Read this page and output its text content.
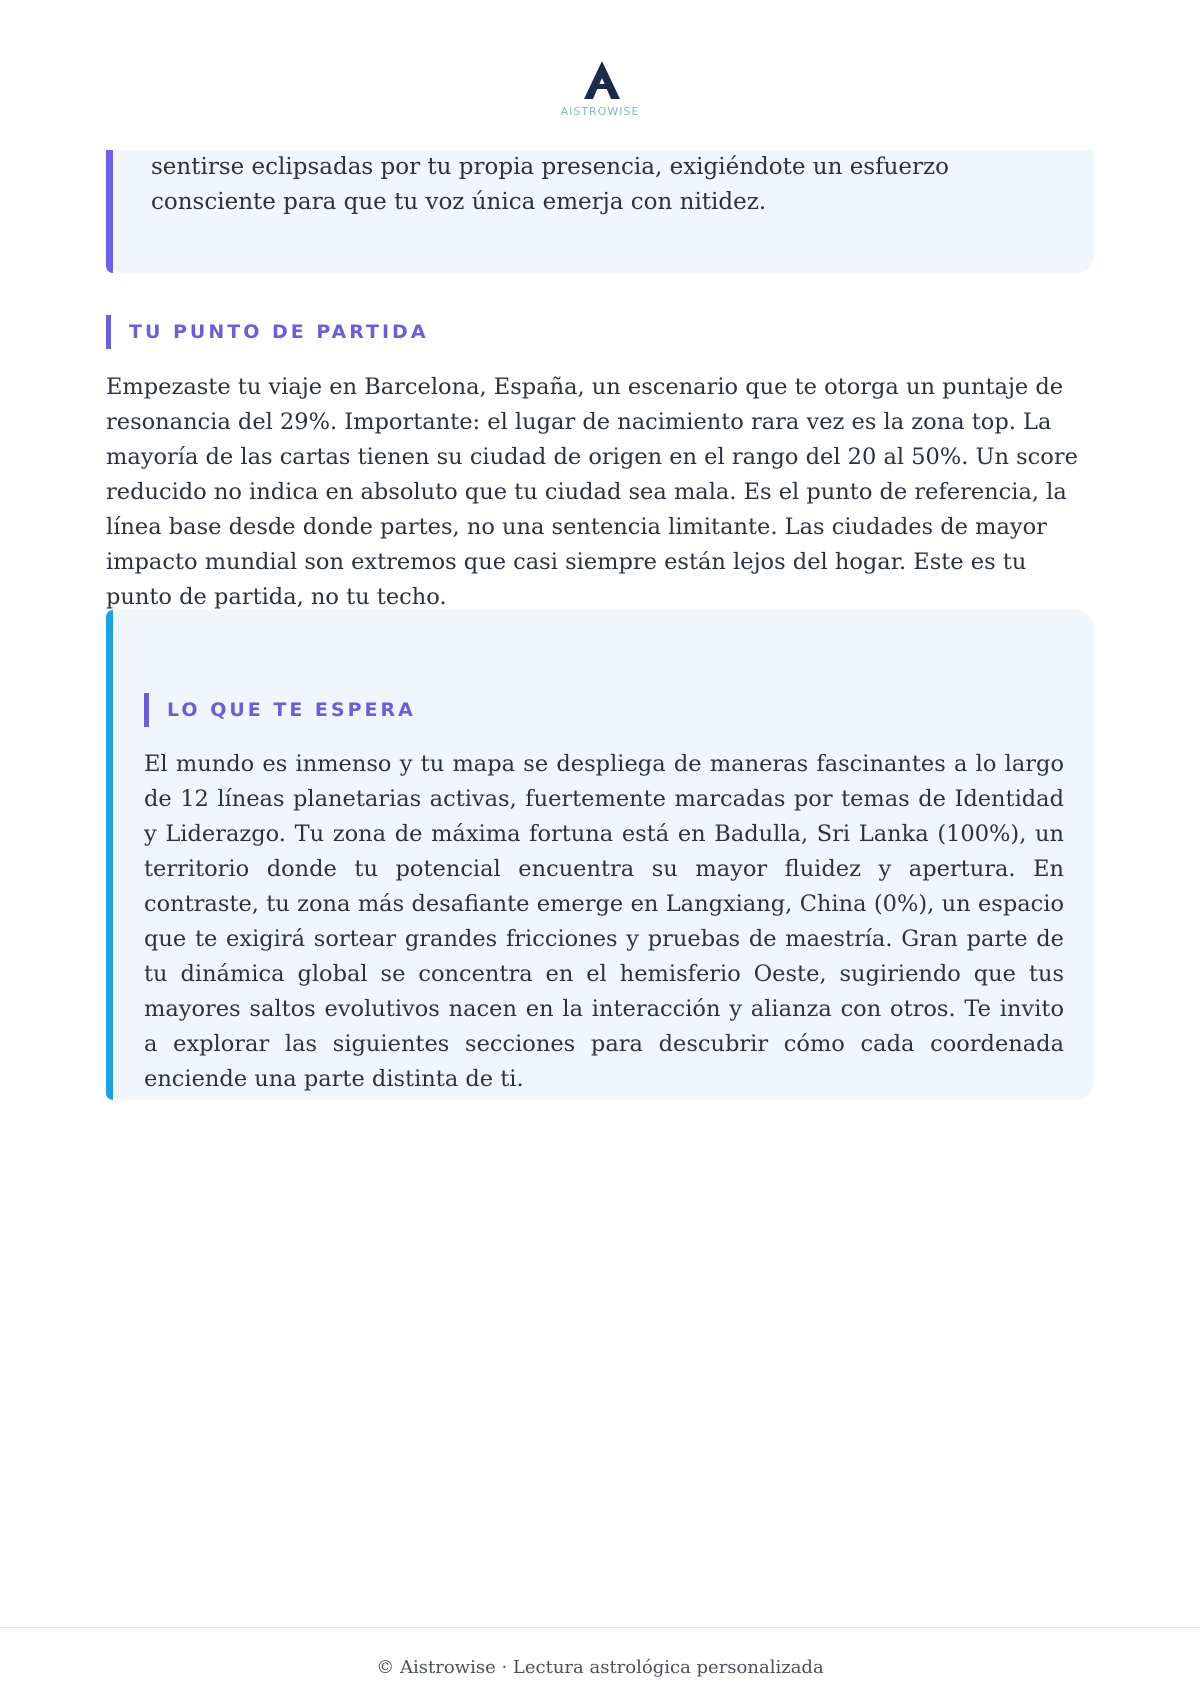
AISTROWISE

sentirse eclipsadas por tu propia presencia, exigiéndote un esfuerzo consciente para que tu voz única emerja con nitidez.

TU PUNTO DE PARTIDA

Empezaste tu viaje en Barcelona, España, un escenario que te otorga un puntaje de resonancia del 29%. Importante: el lugar de nacimiento rara vez es la zona top. La mayoría de las cartas tienen su ciudad de origen en el rango del 20 al 50%. Un score reducido no indica en absoluto que tu ciudad sea mala. Es el punto de referencia, la línea base desde donde partes, no una sentencia limitante. Las ciudades de mayor impacto mundial son extremos que casi siempre están lejos del hogar. Este es tu punto de partida, no tu techo.

LO QUE TE ESPERA

El mundo es inmenso y tu mapa se despliega de maneras fascinantes a lo largo de 12 líneas planetarias activas, fuertemente marcadas por temas de Identidad y Liderazgo. Tu zona de máxima fortuna está en Badulla, Sri Lanka (100%), un territorio donde tu potencial encuentra su mayor fluidez y apertura. En contraste, tu zona más desafiante emerge en Langxiang, China (0%), un espacio que te exigirá sortear grandes fricciones y pruebas de maestría. Gran parte de tu dinámica global se concentra en el hemisferio Oeste, sugiriendo que tus mayores saltos evolutivos nacen en la interacción y alianza con otros. Te invito a explorar las siguientes secciones para descubrir cómo cada coordenada enciende una parte distinta de ti.

© Aistrowise · Lectura astrológica personalizada
